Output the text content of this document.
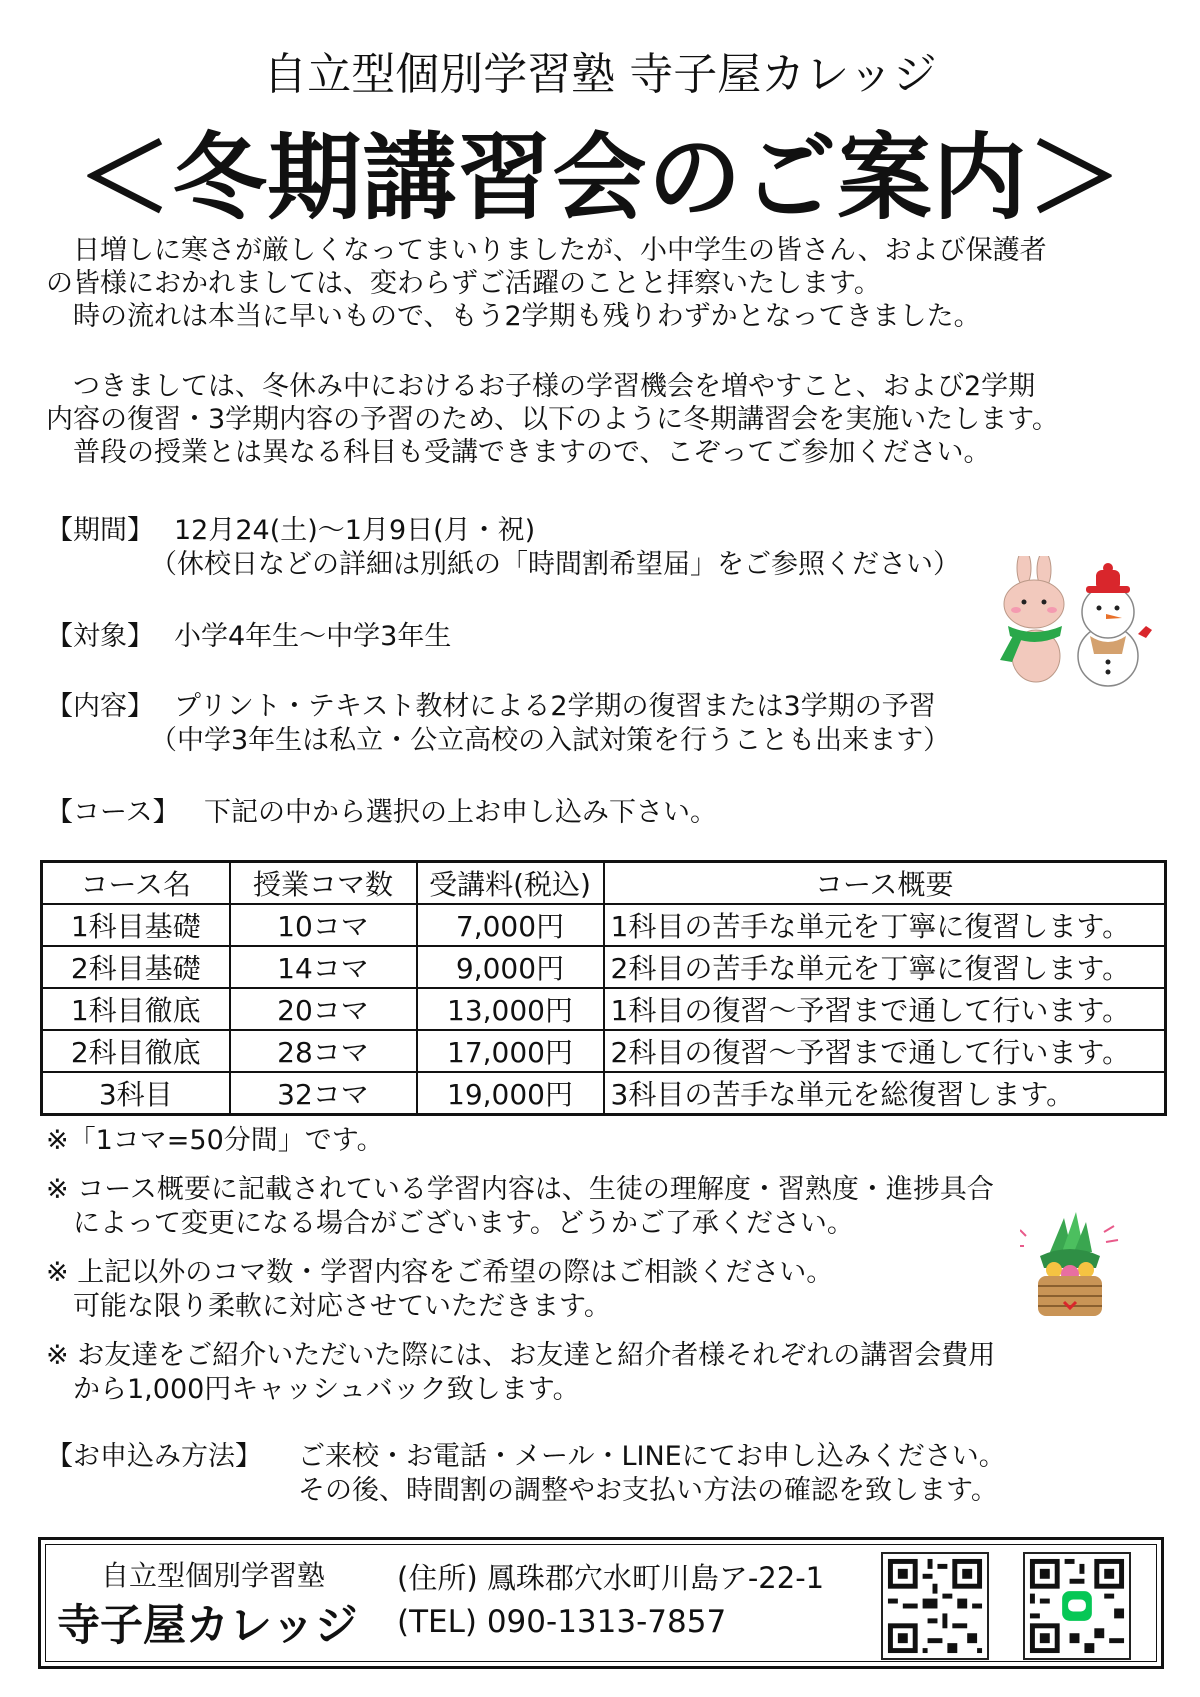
自立型個別学習塾 寺子屋カレッジ
＜冬期講習会のご案内＞
　日増しに寒さが厳しくなってまいりましたが、小中学生の皆さん、および保護者
の皆様におかれましては、変わらずご活躍のことと拝察いたします。
　時の流れは本当に早いもので、もう2学期も残りわずかとなってきました。
　つきましては、冬休み中におけるお子様の学習機会を増やすこと、および2学期
内容の復習・3学期内容の予習のため、以下のように冬期講習会を実施いたします。
　普段の授業とは異なる科目も受講できますので、こぞってご参加ください。
【期間】 12月24(土)～1月9日(月・祝)
（休校日などの詳細は別紙の「時間割希望届」をご参照ください）
【対象】 小学4年生～中学3年生
【内容】 プリント・テキスト教材による2学期の復習または3学期の予習
（中学3年生は私立・公立高校の入試対策を行うことも出来ます）
【コース】 下記の中から選択の上お申し込み下さい。
コース名	授業コマ数	受講料(税込)	コース概要
1科目基礎	10コマ	7,000円	1科目の苦手な単元を丁寧に復習します。
2科目基礎	14コマ	9,000円	2科目の苦手な単元を丁寧に復習します。
1科目徹底	20コマ	13,000円	1科目の復習～予習まで通して行います。
2科目徹底	28コマ	17,000円	2科目の復習～予習まで通して行います。
3科目	32コマ	19,000円	3科目の苦手な単元を総復習します。
※「1コマ=50分間」です。
※ コース概要に記載されている学習内容は、生徒の理解度・習熟度・進捗具合
　によって変更になる場合がございます。どうかご了承ください。
※ 上記以外のコマ数・学習内容をご希望の際はご相談ください。
　可能な限り柔軟に対応させていただきます。
※ お友達をご紹介いただいた際には、お友達と紹介者様それぞれの講習会費用
　から1,000円キャッシュバック致します。
【お申込み方法】 ご来校・お電話・メール・LINEにてお申し込みください。
その後、時間割の調整やお支払い方法の確認を致します。
自立型個別学習塾
寺子屋カレッジ
(住所) 鳳珠郡穴水町川島ア-22-1
(TEL) 090-1313-7857
